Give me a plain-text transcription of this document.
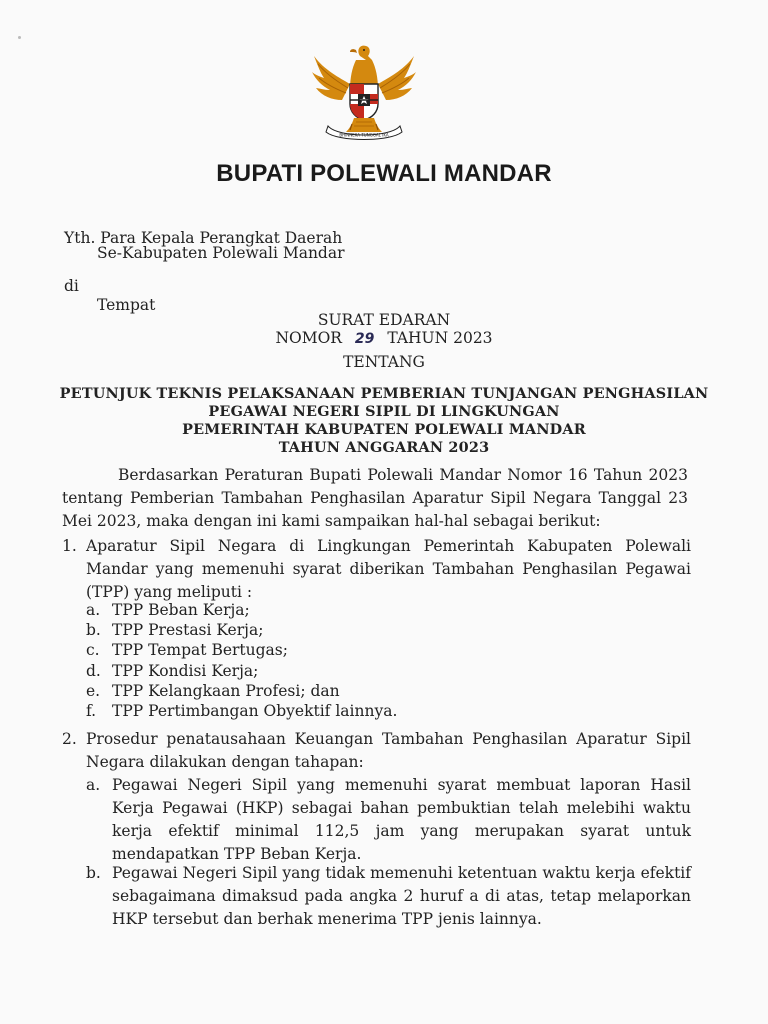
BHINNEKA TUNGGAL IKA
BUPATI POLEWALI MANDAR
Yth. Para Kepala Perangkat Daerah
Se-Kabupaten Polewali Mandar
di
Tempat
SURAT EDARAN
NOMOR 29 TAHUN 2023
TENTANG
PETUNJUK TEKNIS PELAKSANAAN PEMBERIAN TUNJANGAN PENGHASILAN
PEGAWAI NEGERI SIPIL DI LINGKUNGAN
PEMERINTAH KABUPATEN POLEWALI MANDAR
TAHUN ANGGARAN 2023
Berdasarkan Peraturan Bupati Polewali Mandar Nomor 16 Tahun 2023 tentang Pemberian Tambahan Penghasilan Aparatur Sipil Negara Tanggal 23 Mei 2023, maka dengan ini kami sampaikan hal-hal sebagai berikut:
1. Aparatur Sipil Negara di Lingkungan Pemerintah Kabupaten Polewali Mandar yang memenuhi syarat diberikan Tambahan Penghasilan Pegawai (TPP) yang meliputi :
a. TPP Beban Kerja;
b. TPP Prestasi Kerja;
c. TPP Tempat Bertugas;
d. TPP Kondisi Kerja;
e. TPP Kelangkaan Profesi; dan
f. TPP Pertimbangan Obyektif lainnya.
2. Prosedur penatausahaan Keuangan Tambahan Penghasilan Aparatur Sipil Negara dilakukan dengan tahapan:
a. Pegawai Negeri Sipil yang memenuhi syarat membuat laporan Hasil Kerja Pegawai (HKP) sebagai bahan pembuktian telah melebihi waktu kerja efektif minimal 112,5 jam yang merupakan syarat untuk mendapatkan TPP Beban Kerja.
b. Pegawai Negeri Sipil yang tidak memenuhi ketentuan waktu kerja efektif sebagaimana dimaksud pada angka 2 huruf a di atas, tetap melaporkan HKP tersebut dan berhak menerima TPP jenis lainnya.
